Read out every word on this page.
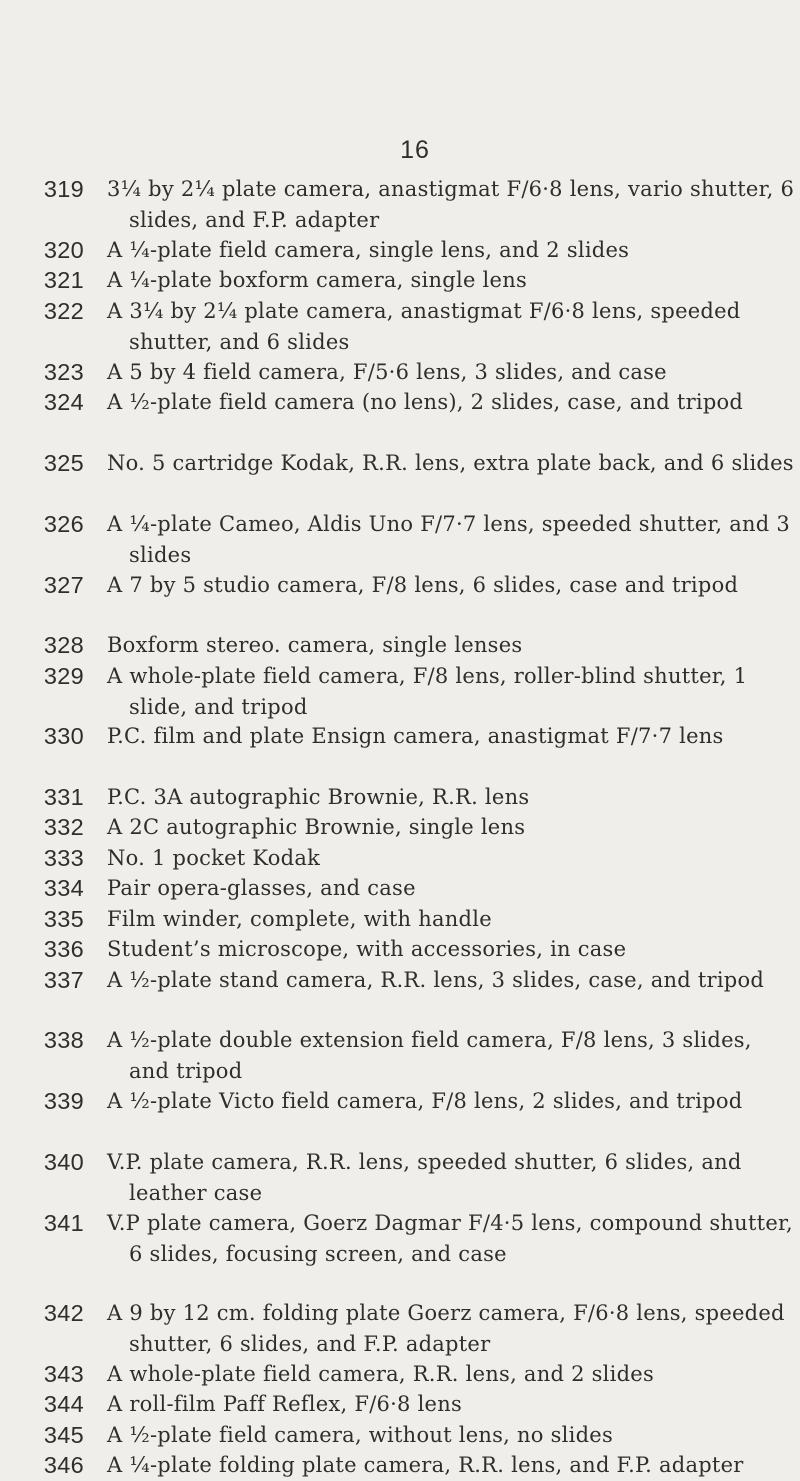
16
319 3¼ by 2¼ plate camera, anastigmat F/6·8 lens, vario shutter, 6 slides, and F.P. adapter
320 A ¼-plate field camera, single lens, and 2 slides
321 A ¼-plate boxform camera, single lens
322 A 3¼ by 2¼ plate camera, anastigmat F/6·8 lens, speeded shutter, and 6 slides
323 A 5 by 4 field camera, F/5·6 lens, 3 slides, and case
324 A ½-plate field camera (no lens), 2 slides, case, and tripod
325 No. 5 cartridge Kodak, R.R. lens, extra plate back, and 6 slides
326 A ¼-plate Cameo, Aldis Uno F/7·7 lens, speeded shutter, and 3 slides
327 A 7 by 5 studio camera, F/8 lens, 6 slides, case and tripod
328 Boxform stereo. camera, single lenses
329 A whole-plate field camera, F/8 lens, roller-blind shutter, 1 slide, and tripod
330 P.C. film and plate Ensign camera, anastigmat F/7·7 lens
331 P.C. 3A autographic Brownie, R.R. lens
332 A 2C autographic Brownie, single lens
333 No. 1 pocket Kodak
334 Pair opera-glasses, and case
335 Film winder, complete, with handle
336 Student’s microscope, with accessories, in case
337 A ½-plate stand camera, R.R. lens, 3 slides, case, and tripod
338 A ½-plate double extension field camera, F/8 lens, 3 slides, and tripod
339 A ½-plate Victo field camera, F/8 lens, 2 slides, and tripod
340 V.P. plate camera, R.R. lens, speeded shutter, 6 slides, and leather case
341 V.P plate camera, Goerz Dagmar F/4·5 lens, compound shutter, 6 slides, focusing screen, and case
342 A 9 by 12 cm. folding plate Goerz camera, F/6·8 lens, speeded shutter, 6 slides, and F.P. adapter
343 A whole-plate field camera, R.R. lens, and 2 slides
344 A roll-film Paff Reflex, F/6·8 lens
345 A ½-plate field camera, without lens, no slides
346 A ¼-plate folding plate camera, R.R. lens, and F.P. adapter
